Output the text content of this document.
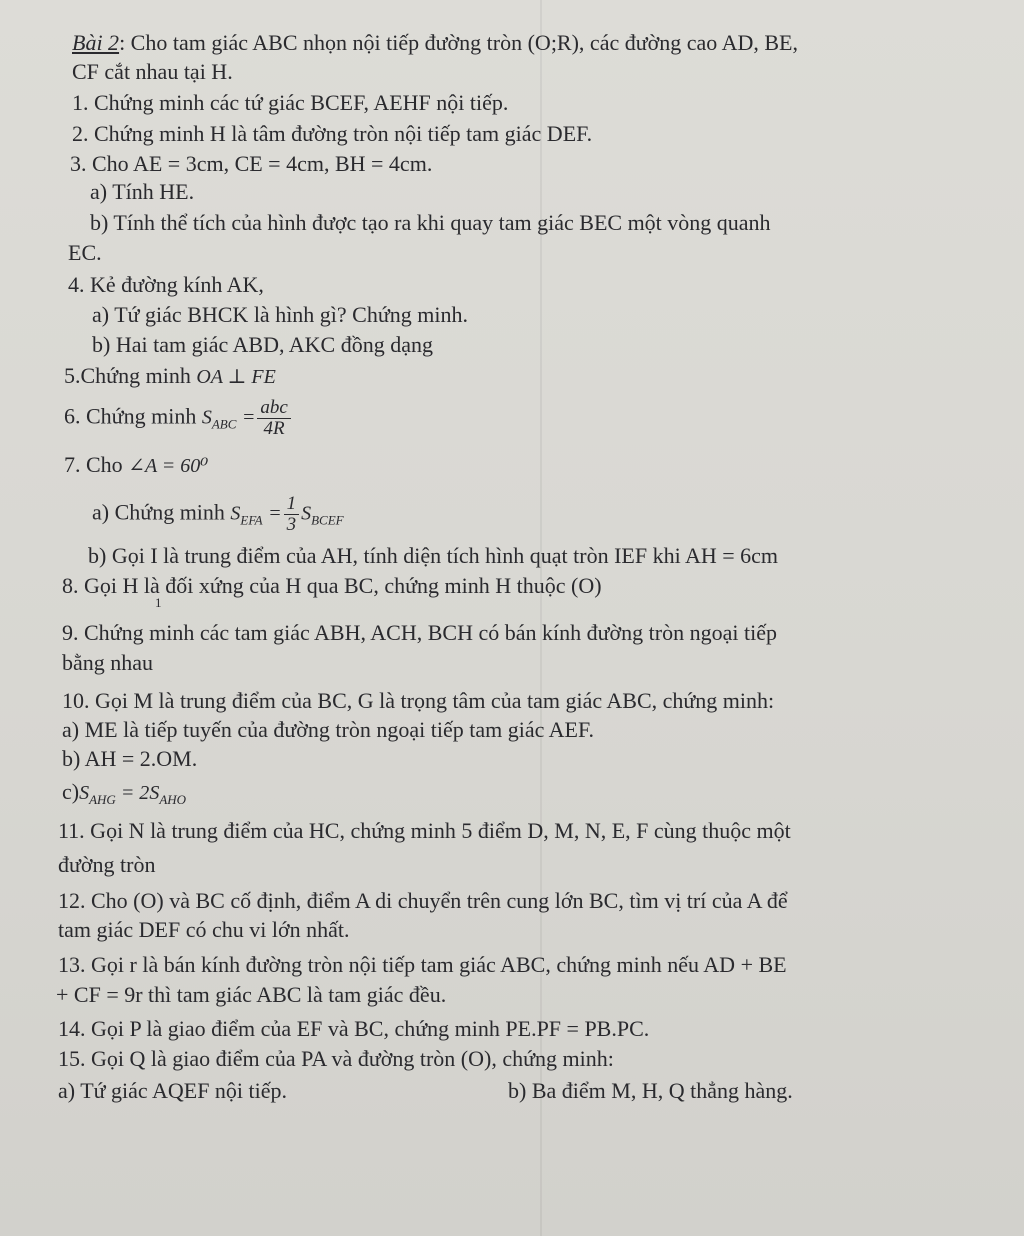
Bài 2: Cho tam giác ABC nhọn nội tiếp đường tròn (O;R), các đường cao AD, BE,
CF cắt nhau tại H.
1. Chứng minh các tứ giác BCEF, AEHF nội tiếp.
2. Chứng minh H là tâm đường tròn nội tiếp tam giác DEF.
3. Cho AE = 3cm, CE = 4cm, BH = 4cm.
a) Tính HE.
b) Tính thể tích của hình được tạo ra khi quay tam giác BEC một vòng quanh
EC.
4. Kẻ đường kính AK,
a) Tứ giác BHCK là hình gì? Chứng minh.
b) Hai tam giác ABD, AKC đồng dạng
5.Chứng minh OA ⊥ FE
6. Chứng minh $S_{ABC} = \frac{\text{abc}}{4R}$
7. Cho ∠A = 60⁰
a) Chứng minh $S_{EFA} = \frac{1}{3} S_{BCEF}$
b) Gọi I là trung điểm của AH, tính diện tích hình quạt tròn IEF khi AH = 6cm
8. Gọi H là đối xứng của H qua BC, chứng minh H thuộc (O)
1
9. Chứng minh các tam giác ABH, ACH, BCH có bán kính đường tròn ngoại tiếp
bằng nhau
10. Gọi M là trung điểm của BC, G là trọng tâm của tam giác ABC, chứng minh:
a) ME là tiếp tuyến của đường tròn ngoại tiếp tam giác AEF.
b) AH = 2.OM.
$c)S_{AHG} = 2S_{AHO}$
11. Gọi N là trung điểm của HC, chứng minh 5 điểm D, M, N, E, F cùng thuộc một
đường tròn
12. Cho (O) và BC cố định, điểm A di chuyển trên cung lớn BC, tìm vị trí của A để
tam giác DEF có chu vi lớn nhất.
13. Gọi r là bán kính đường tròn nội tiếp tam giác ABC, chứng minh nếu AD + BE
+ CF = 9r thì tam giác ABC là tam giác đều.
14. Gọi P là giao điểm của EF và BC, chứng minh PE.PF = PB.PC.
15. Gọi Q là giao điểm của PA và đường tròn (O), chứng minh:
a) Tứ giác AQEF nội tiếp.	b) Ba điểm M, H, Q thẳng hàng.
